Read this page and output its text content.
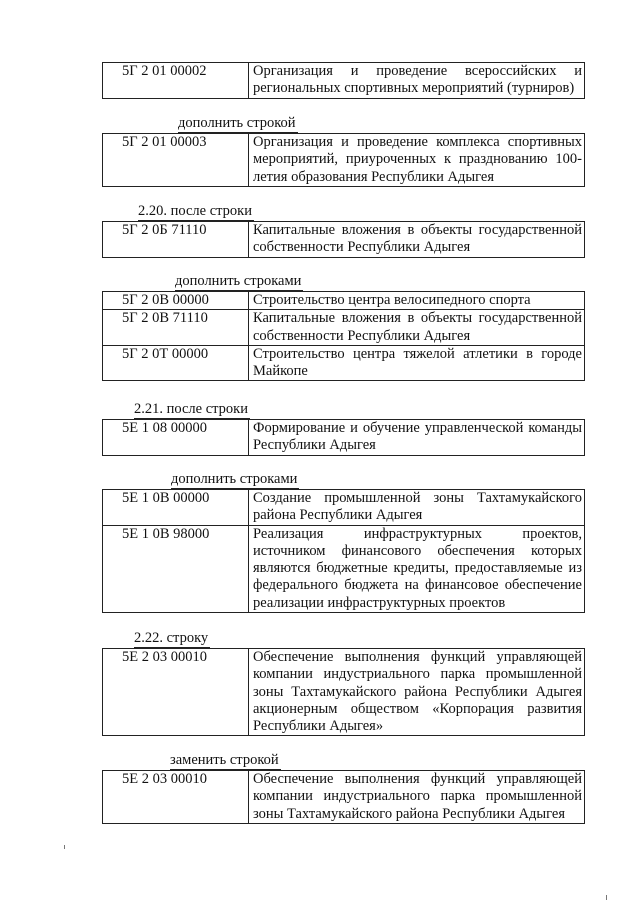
5Г 2 01 00002	Организация и проведение всероссийских и региональных спортивных мероприятий (турниров)
дополнить строкой
5Г 2 01 00003	Организация и проведение комплекса спортивных мероприятий, приуроченных к празднованию 100-летия образования Республики Адыгея
2.20. после строки
5Г 2 0Б 71110	Капитальные вложения в объекты государственной собственности Республики Адыгея
дополнить строками
5Г 2 0В 00000	Строительство центра велосипедного спорта
5Г 2 0В 71110	Капитальные вложения в объекты государственной собственности Республики Адыгея
5Г 2 0Т 00000	Строительство центра тяжелой атлетики в городе Майкопе
2.21. после строки
5Е 1 08 00000	Формирование и обучение управленческой команды Республики Адыгея
дополнить строками
5Е 1 0В 00000	Создание промышленной зоны Тахтамукайского района Республики Адыгея
5Е 1 0В 98000	Реализация инфраструктурных проектов, источником финансового обеспечения которых являются бюджетные кредиты, предоставляемые из федерального бюджета на финансовое обеспечение реализации инфраструктурных проектов
2.22. строку
5Е 2 03 00010	Обеспечение выполнения функций управляющей компании индустриального парка промышленной зоны Тахтамукайского района Республики Адыгея акционерным обществом «Корпорация развития Республики Адыгея»
заменить строкой
5Е 2 03 00010	Обеспечение выполнения функций управляющей компании индустриального парка промышленной зоны Тахтамукайского района Республики Адыгея
